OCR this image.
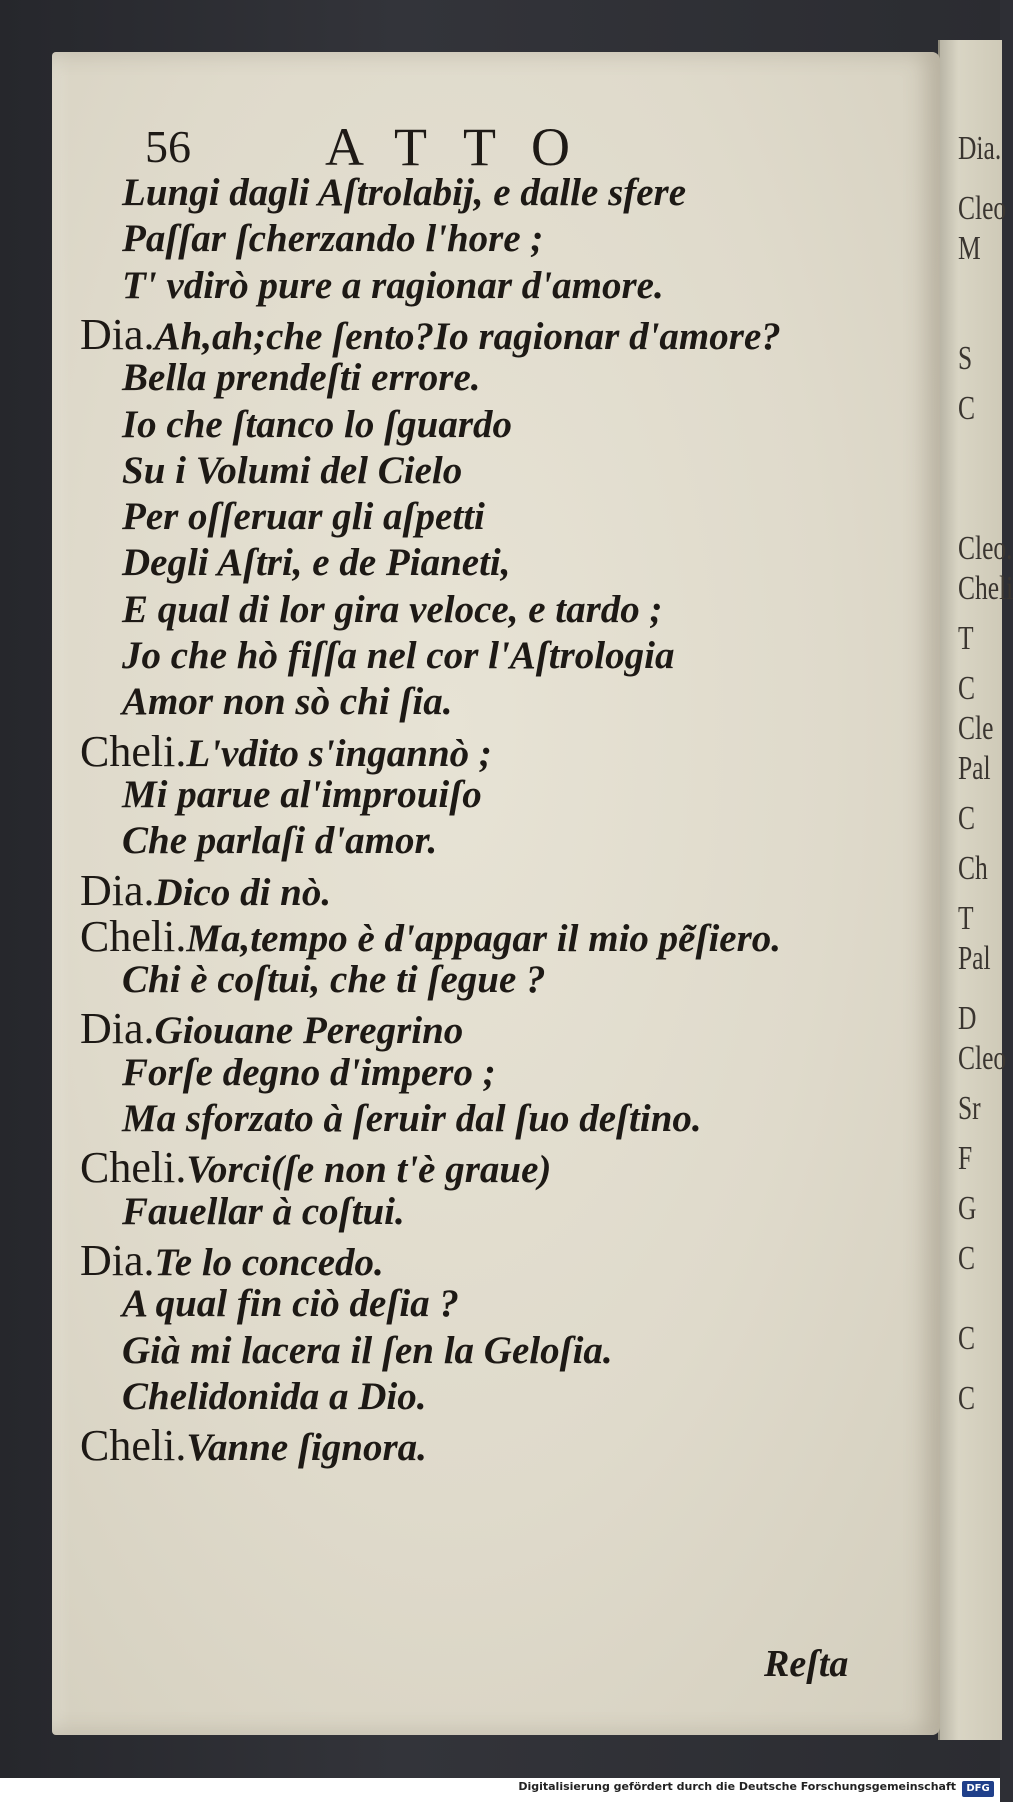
Dia.
Cleo
M
S
C
Cleo.
Cheli
T
C
Cle
Pal
C
Ch
T
Pal
D
Cleo
Sr
F
G
C
C
C
56 ATTO
Lungi dagli Aſtrolabij, e dalle sfere
Paſſar ſcherzando l'hore ;
T' vdirò pure a ragionar d'amore.
Dia.Ah,ah;che ſento?Io ragionar d'amore?
Bella prendeſti errore.
Io che ſtanco lo ſguardo
Su i Volumi del Cielo
Per oſſeruar gli aſpetti
Degli Aſtri, e de Pianeti,
E qual di lor gira veloce, e tardo ;
Jo che hò fiſſa nel cor l'Aſtrologia
Amor non sò chi ſia.
Cheli.L'vdito s'ingannò ;
Mi parue al'improuiſo
Che parlaſi d'amor.
Dia.Dico di nò.
Cheli.Ma,tempo è d'appagar il mio pẽſiero.
Chi è coſtui, che ti ſegue ?
Dia.Giouane Peregrino
Forſe degno d'impero ;
Ma sforzato à ſeruir dal ſuo deſtino.
Cheli.Vorci(ſe non t'è graue)
Fauellar à coſtui.
Dia.Te lo concedo.
A qual fin ciò deſia ?
Già mi lacera il ſen la Geloſia.
Chelidonida a Dio.
Cheli.Vanne ſignora.
Reſta
Digitalisierung gefördert durch die Deutsche Forschungsgemeinschaft	DFG
